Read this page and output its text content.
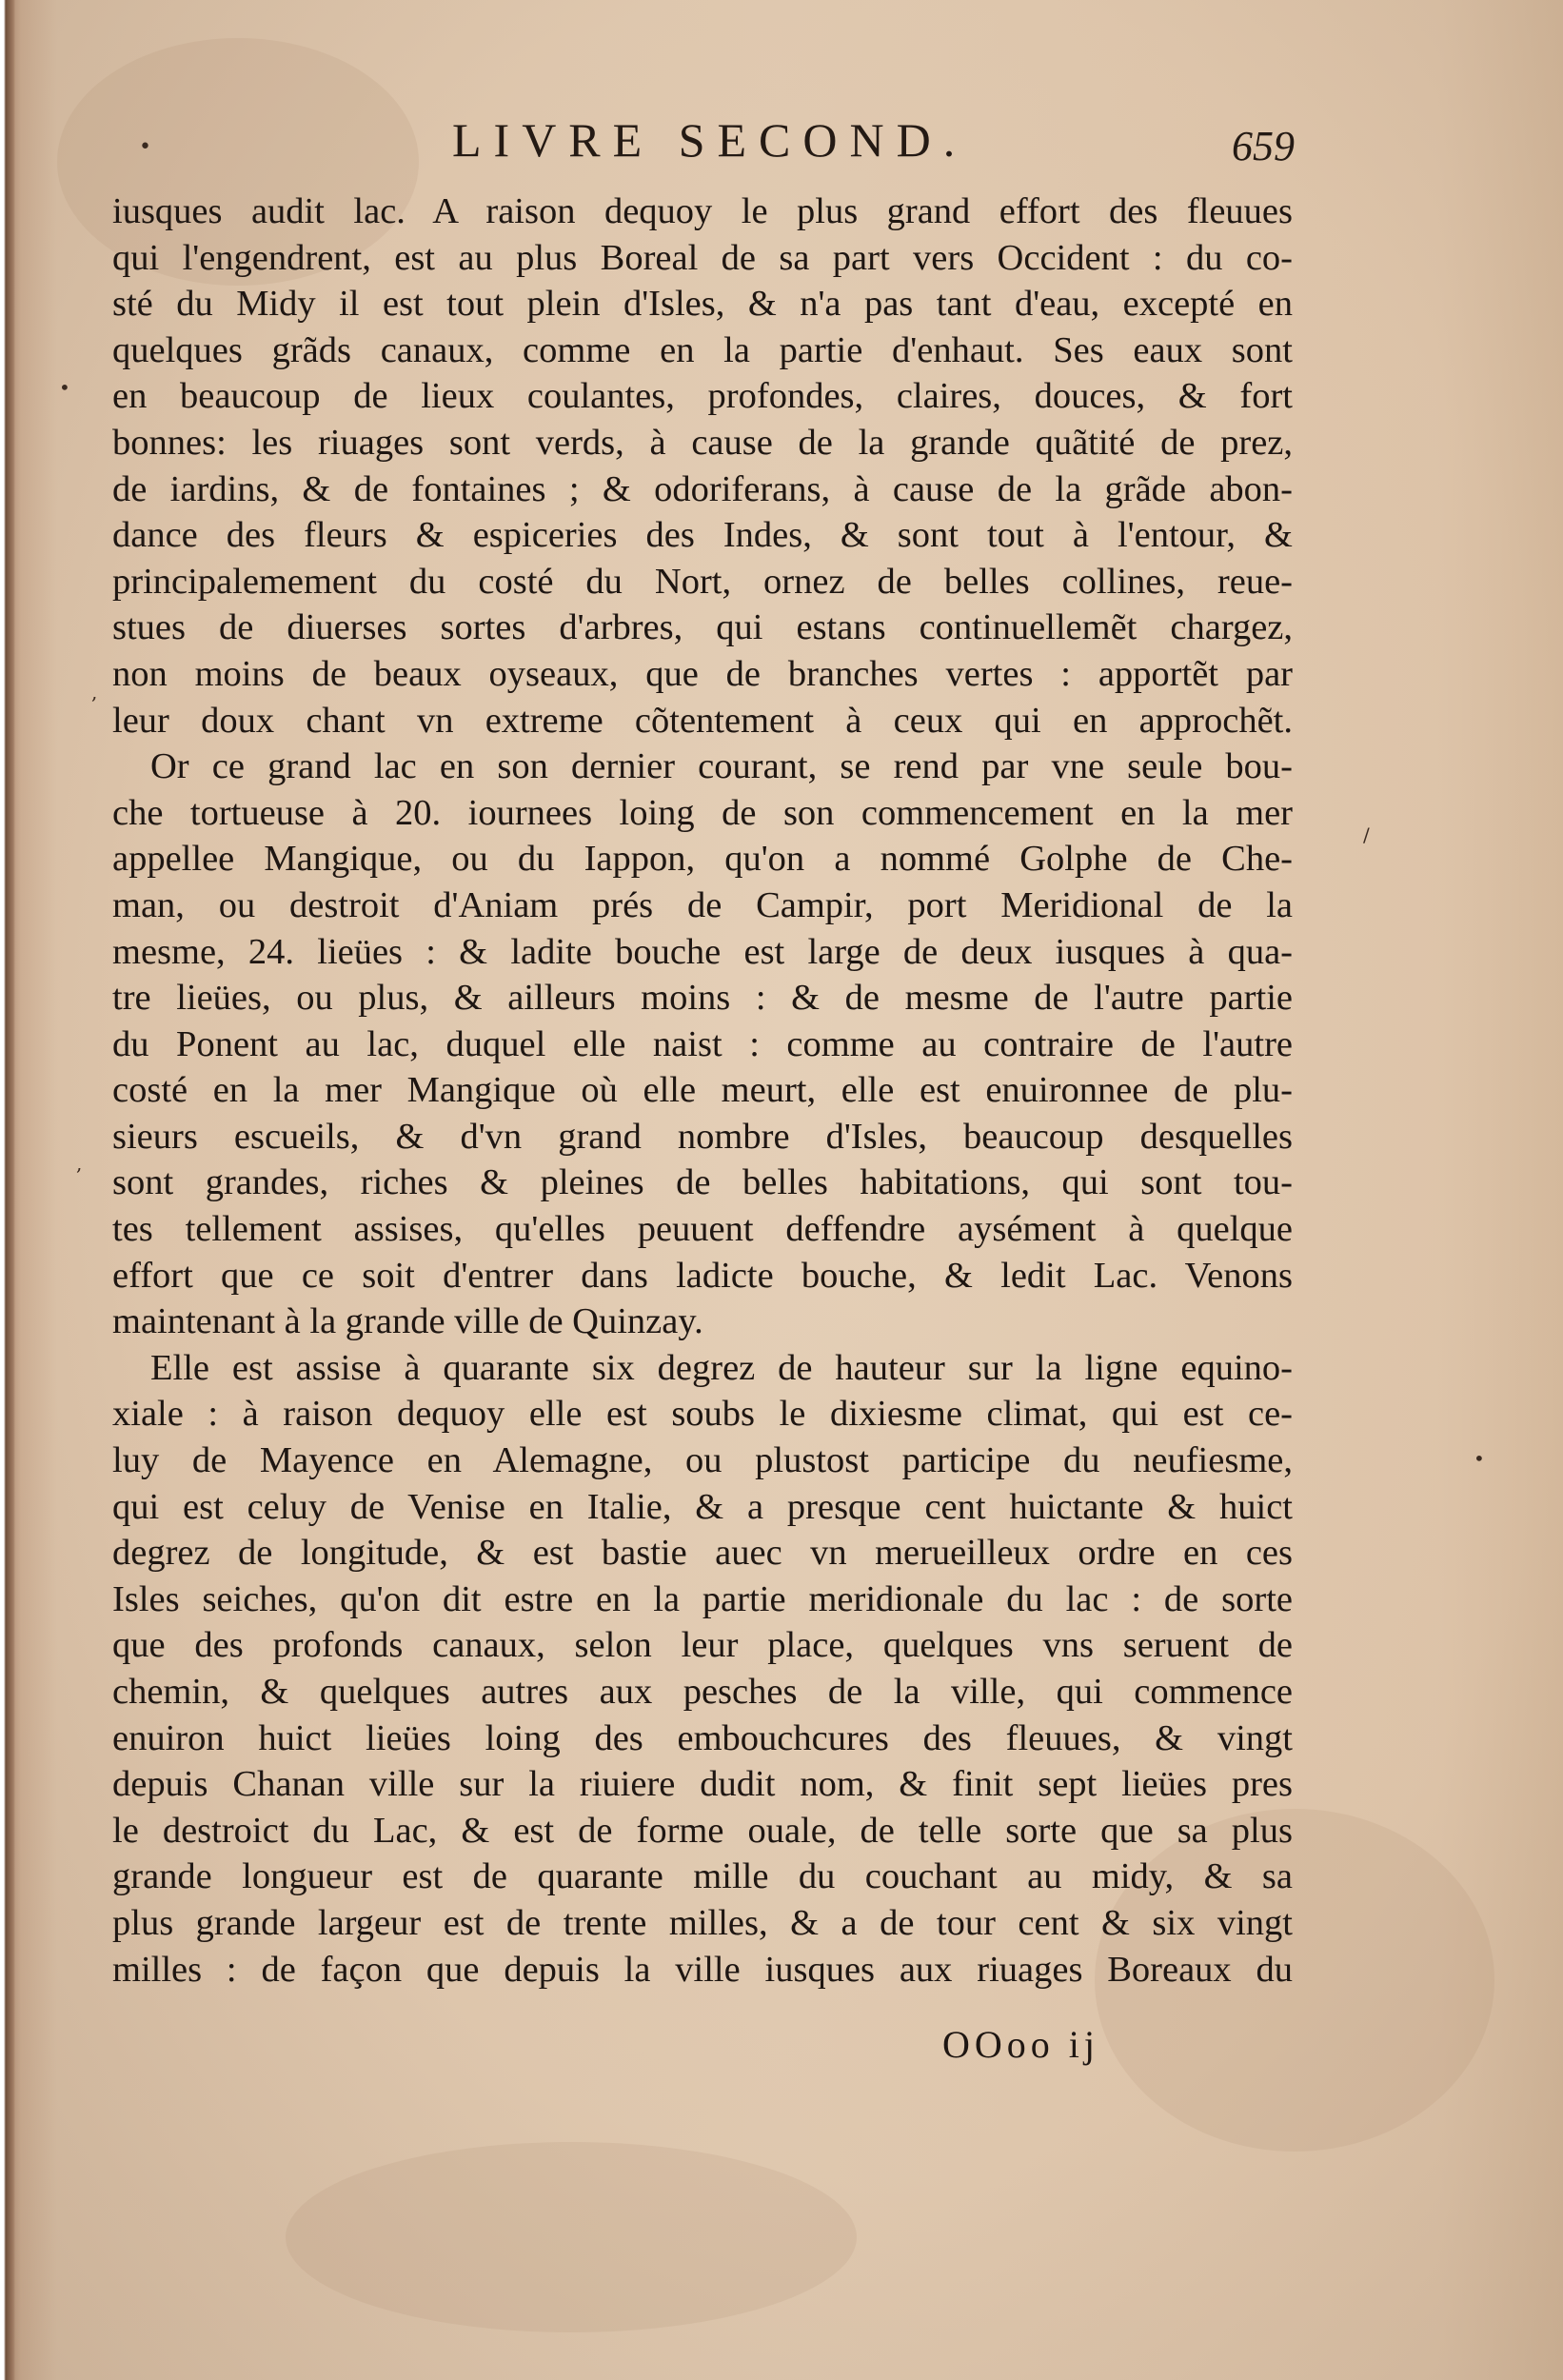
•	LIVRE SECOND.	659
iusques audit lac. A raison dequoy le plus grand effort des fleuues
qui l'engendrent, est au plus Boreal de sa part vers Occident : du co-
sté du Midy il est tout plein d'Isles, & n'a pas tant d'eau, excepté en
quelques grãds canaux, comme en la partie d'enhaut. Ses eaux sont
en beaucoup de lieux coulantes, profondes, claires, douces, & fort
bonnes: les riuages sont verds, à cause de la grande quãtité de prez,
de iardins, & de fontaines ; & odoriferans, à cause de la grãde abon-
dance des fleurs & espiceries des Indes, & sont tout à l'entour, &
principalemement du costé du Nort, ornez de belles collines, reue-
stues de diuerses sortes d'arbres, qui estans continuellemẽt chargez,
non moins de beaux oyseaux, que de branches vertes : apportẽt par
leur doux chant vn extreme cõtentement à ceux qui en approchẽt.
Or ce grand lac en son dernier courant, se rend par vne seule bou-
che tortueuse à 20. iournees loing de son commencement en la mer
appellee Mangique, ou du Iappon, qu'on a nommé Golphe de Che-
man, ou destroit d'Aniam prés de Campir, port Meridional de la
mesme, 24. lieües : & ladite bouche est large de deux iusques à qua-
tre lieües, ou plus, & ailleurs moins : & de mesme de l'autre partie
du Ponent au lac, duquel elle naist : comme au contraire de l'autre
costé en la mer Mangique où elle meurt, elle est enuironnee de plu-
sieurs escueils, & d'vn grand nombre d'Isles, beaucoup desquelles
sont grandes, riches & pleines de belles habitations, qui sont tou-
tes tellement assises, qu'elles peuuent deffendre aysément à quelque
effort que ce soit d'entrer dans ladicte bouche, & ledit Lac. Venons
maintenant à la grande ville de Quinzay.
Elle est assise à quarante six degrez de hauteur sur la ligne equino-
xiale : à raison dequoy elle est soubs le dixiesme climat, qui est ce-
luy de Mayence en Alemagne, ou plustost participe du neufiesme,
qui est celuy de Venise en Italie, & a presque cent huictante & huict
degrez de longitude, & est bastie auec vn merueilleux ordre en ces
Isles seiches, qu'on dit estre en la partie meridionale du lac : de sorte
que des profonds canaux, selon leur place, quelques vns seruent de
chemin, & quelques autres aux pesches de la ville, qui commence
enuiron huict lieües loing des embouchcures des fleuues, & vingt
depuis Chanan ville sur la riuiere dudit nom, & finit sept lieües pres
le destroict du Lac, & est de forme ouale, de telle sorte que sa plus
grande longueur est de quarante mille du couchant au midy, & sa
plus grande largeur est de trente milles, & a de tour cent & six vingt
milles : de façon que depuis la ville iusques aux riuages Boreaux du
OOoo ij
•
,
,
•
/
